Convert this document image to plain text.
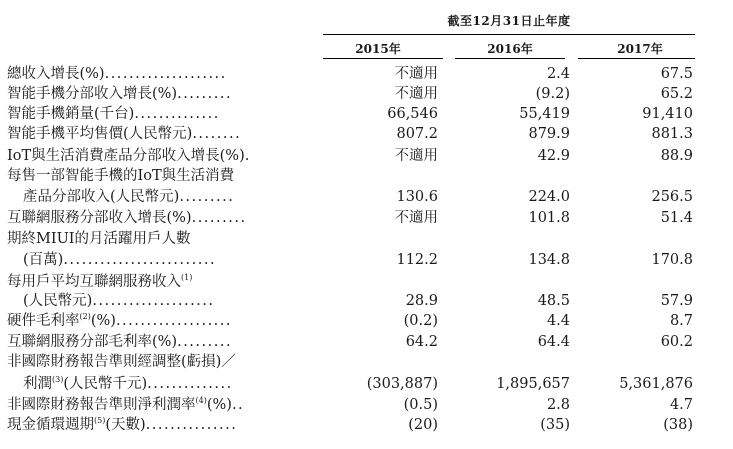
截至12月31日止年度
2015年	2016年	2017年
總收入增長(%)....................	不適用	2.4	67.5
智能手機分部收入增長(%).........	不適用	(9.2)	65.2
智能手機銷量(千台)..............	66,546	55,419	91,410
智能手機平均售價(人民幣元)........	807.2	879.9	881.3
IoT與生活消費產品分部收入增長(%).	不適用	42.9	88.9
每售一部智能手機的IoT與生活消費
產品分部收入(人民幣元).........	130.6	224.0	256.5
互聯網服務分部收入增長(%).........	不適用	101.8	51.4
期終MIUI的月活躍用戶人數
(百萬).........................	112.2	134.8	170.8
每用戶平均互聯網服務收入$^{(1)}$
(人民幣元)....................	28.9	48.5	57.9
硬件毛利率$^{(2)}$(%)...................	(0.2)	4.4	8.7
互聯網服務分部毛利率(%).........	64.2	64.4	60.2
非國際財務報告準則經調整(虧損)／
利潤$^{(3)}$(人民幣千元)..............	(303,887)	1,895,657	5,361,876
非國際財務報告準則淨利潤率$^{(4)}$(%)..	(0.5)	2.8	4.7
現金循環週期$^{(5)}$(天數)...............	(20)	(35)	(38)
